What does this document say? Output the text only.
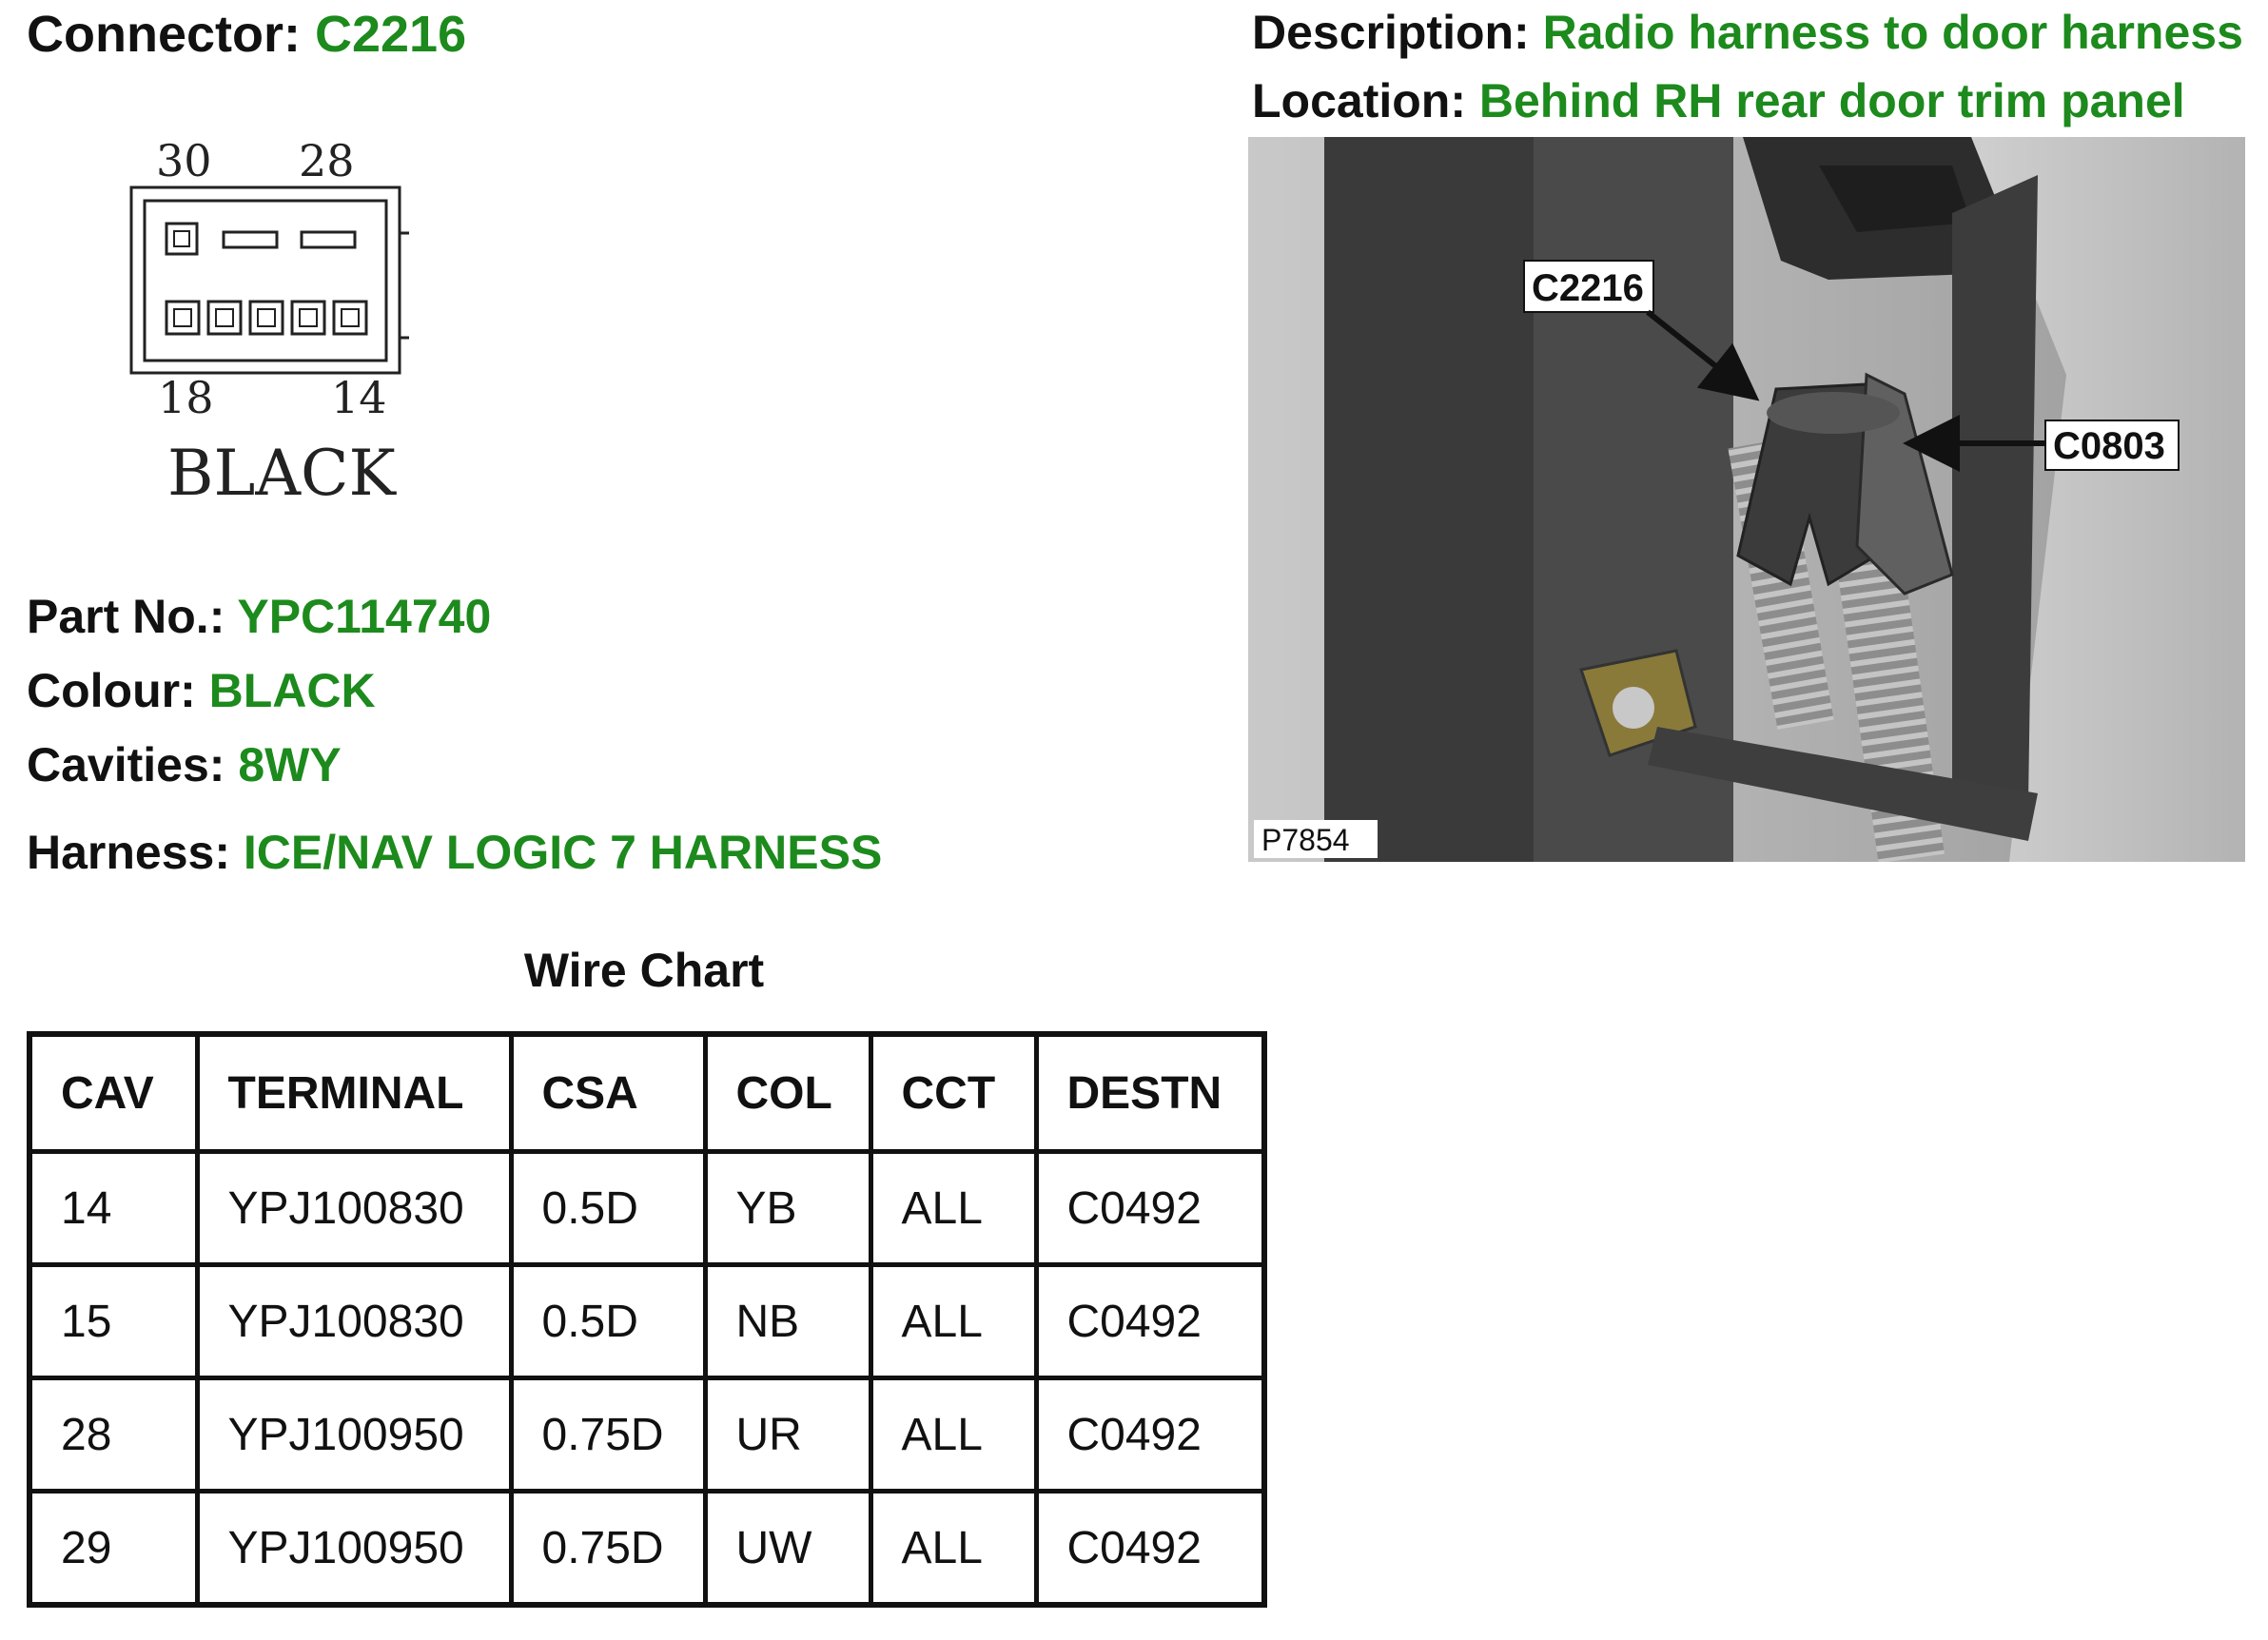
Connector: C2216	Description: Radio harness to door harness
Location: Behind RH rear door trim panel
30 28
18	14
BLACK
C2216
C0803
P7854
Part No.: YPC114740
Colour: BLACK
Cavities: 8WY
Harness: ICE/NAV LOGIC 7 HARNESS
Wire Chart
CAV	TERMINAL	CSA	COL	CCT	DESTN
14	YPJ100830	0.5D	YB	ALL	C0492
15	YPJ100830	0.5D	NB	ALL	C0492
28	YPJ100950	0.75D	UR	ALL	C0492
29	YPJ100950	0.75D	UW	ALL	C0492
